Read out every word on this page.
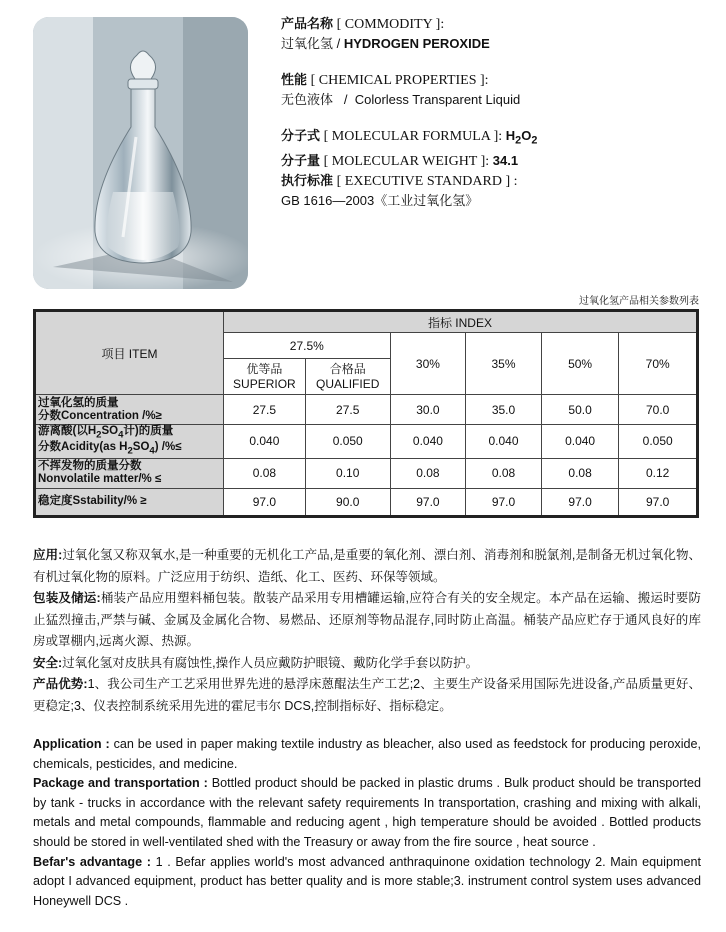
产品名称 [ COMMODITY ]:
过氧化氢 / HYDROGEN PEROXIDE
性能 [ CHEMICAL PROPERTIES ]:
无色液体 / Colorless Transparent Liquid
分子式 [ MOLECULAR FORMULA ]: $H_2O_2$
分子量 [ MOLECULAR WEIGHT ]: 34.1
执行标准 [ EXECUTIVE STANDARD ] :
GB 1616—2003《工业过氧化氢》
过氧化氢产品相关参数列表
项目 ITEM	指标 INDEX					
	27.5%		30%	35%	50%	70%
	优等品
SUPERIOR	合格品
QUALIFIED				
过氧化氢的质量
分数Concentration /%≥	27.5	27.5	30.0	35.0	50.0	70.0
游离酸(以$H_2SO_4$计)的质量
分数Acidity(as $H_2SO_4$) /%≤	0.040	0.050	0.040	0.040	0.040	0.050
不挥发物的质量分数
Nonvolatile matter/% ≤	0.08	0.10	0.08	0.08	0.08	0.12
稳定度Sstability/% ≥	97.0	90.0	97.0	97.0	97.0	97.0

应用:过氧化氢又称双氧水,是一种重要的无机化工产品,是重要的氧化剂、漂白剂、消毒剂和脱氯剂,是制备无机过氧化物、有机过氧化物的原料。广泛应用于纺织、造纸、化工、医药、环保等领域。

包装及储运:桶装产品应用塑料桶包装。散装产品采用专用槽罐运输,应符合有关的安全规定。本产品在运输、搬运时要防止猛烈撞击,严禁与碱、金属及金属化合物、易燃品、还原剂等物品混存,同时防止高温。桶装产品应贮存于通风良好的库房或罩棚内,远离火源、热源。

安全:过氧化氢对皮肤具有腐蚀性,操作人员应戴防护眼镜、戴防化学手套以防护。

产品优势:1、我公司生产工艺采用世界先进的悬浮床蒽醌法生产工艺;2、主要生产设备采用国际先进设备,产品质量更好、更稳定;3、仪表控制系统采用先进的霍尼韦尔 DCS,控制指标好、指标稳定。

Application : can be used in paper making textile industry as bleacher, also used as feedstock for producing peroxide, chemicals, pesticides, and medicine.

Package and transportation : Bottled product should be packed in plastic drums . Bulk product should be transported by tank - trucks in accordance with the relevant safety requirements In transportation, crashing and mixing with alkali, metals and metal compounds, flammable and reducing agent , high temperature should be avoided . Bottled products should be stored in well-ventilated shed with the Treasury or away from the fire source , heat source .

Befar's advantage : 1 . Befar applies world's most advanced anthraquinone oxidation technology 2. Main equipment adopt I advanced equipment, product has better quality and is more stable;3. instrument control system uses advanced Honeywell DCS .
